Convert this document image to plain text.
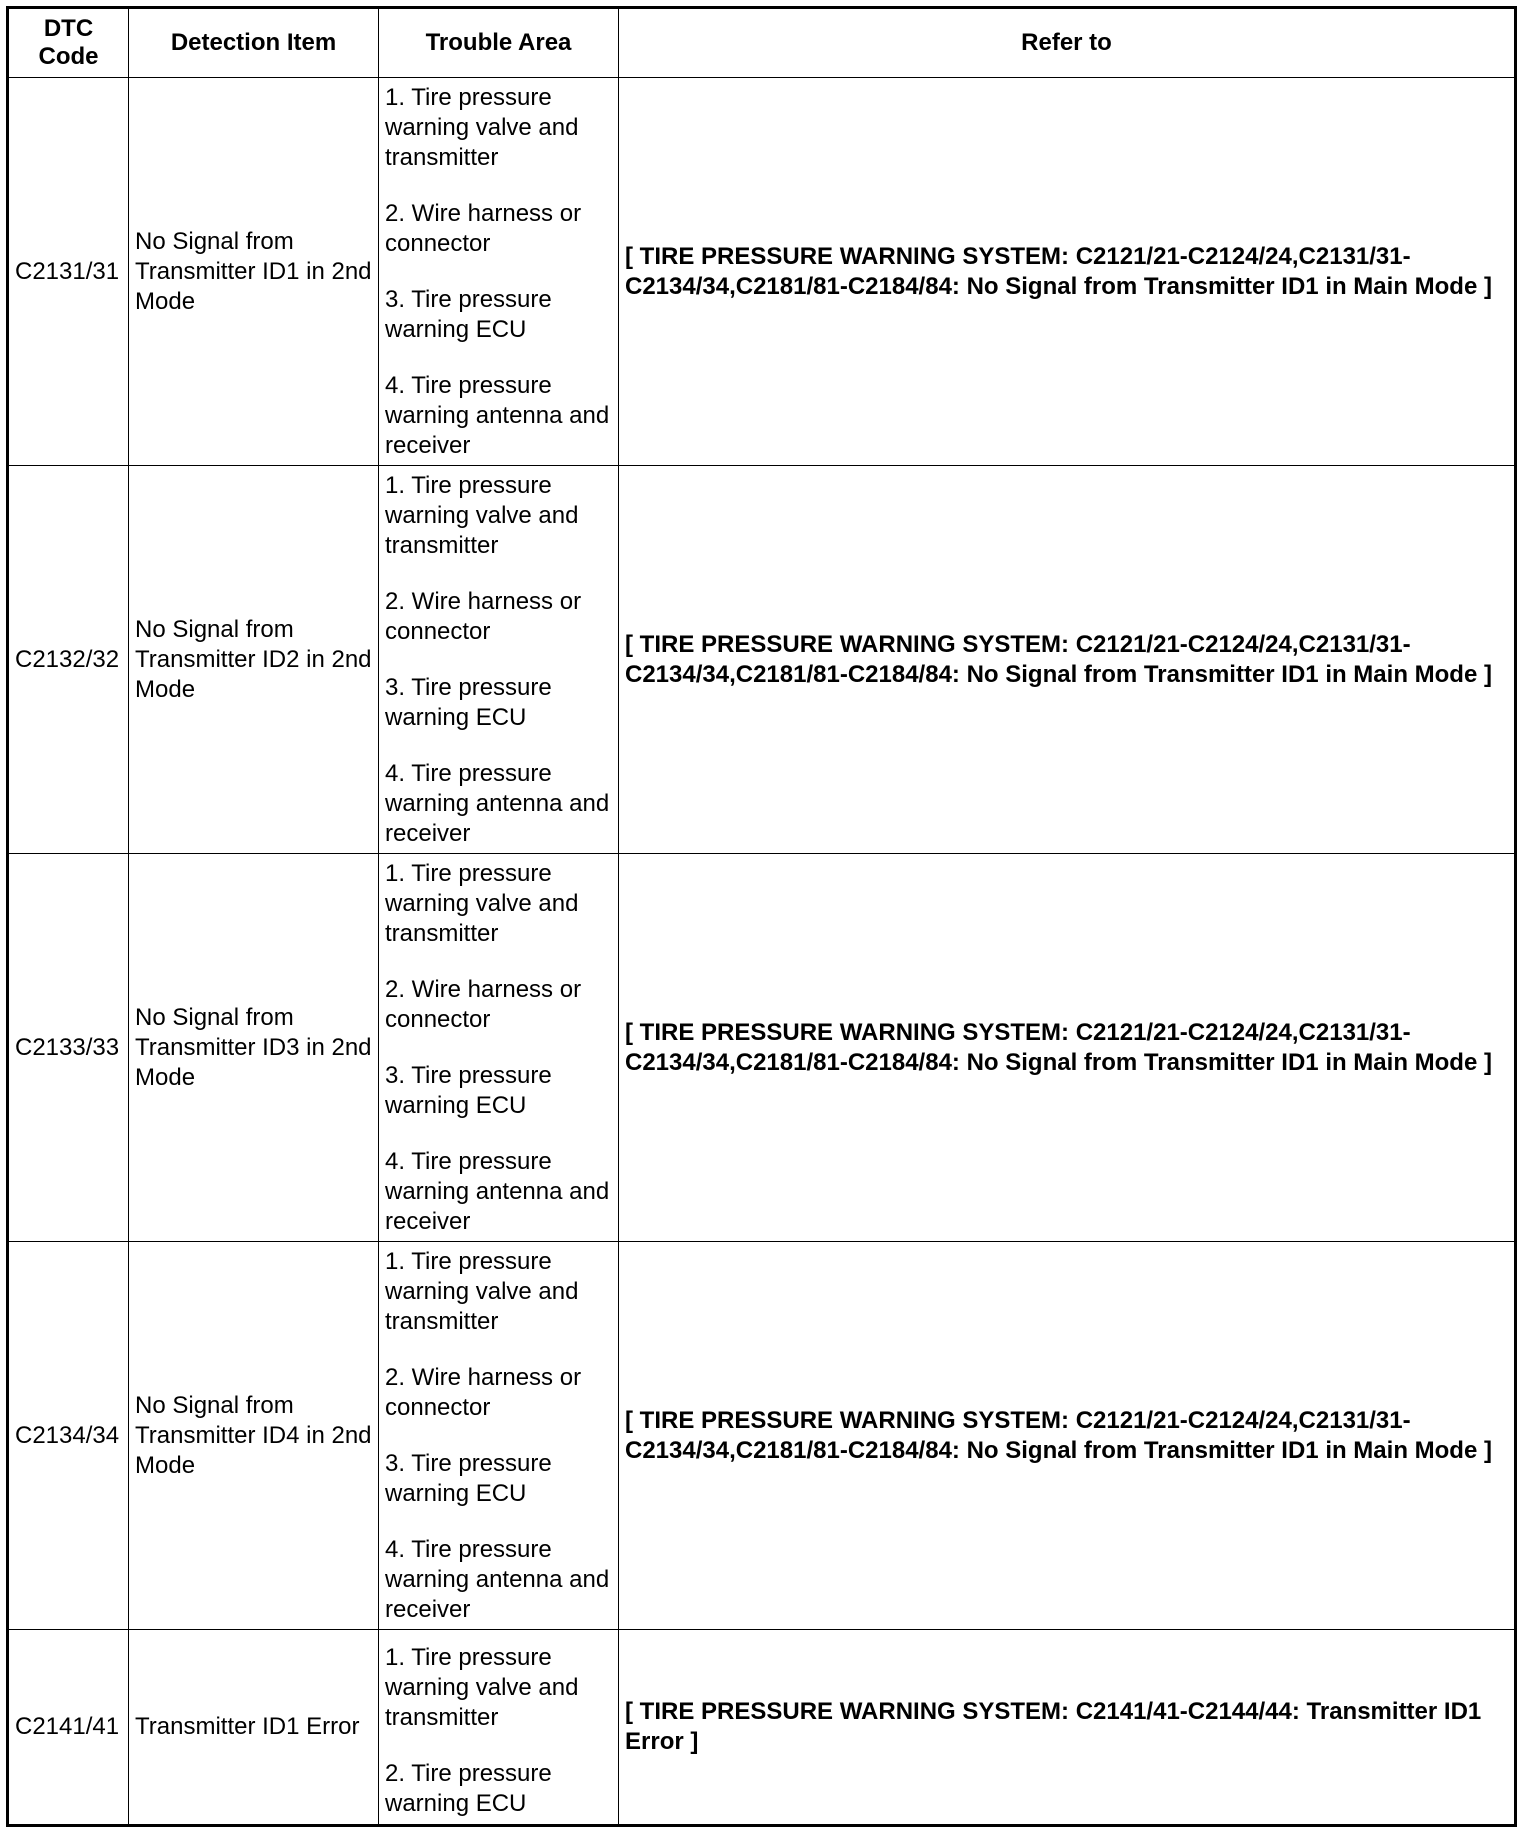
DTC Code	Detection Item	Trouble Area	Refer to
C2131/31	No Signal from Transmitter ID1 in 2nd Mode	1. Tire pressure warning valve and transmitter

2. Wire harness or connector

3. Tire pressure warning ECU

4. Tire pressure warning antenna and receiver	[ TIRE PRESSURE WARNING SYSTEM: C2121/21-C2124/24,C2131/31-C2134/34,C2181/81-C2184/84: No Signal from Transmitter ID1 in Main Mode ]
C2132/32	No Signal from Transmitter ID2 in 2nd Mode	1. Tire pressure warning valve and transmitter

2. Wire harness or connector

3. Tire pressure warning ECU

4. Tire pressure warning antenna and receiver	[ TIRE PRESSURE WARNING SYSTEM: C2121/21-C2124/24,C2131/31-C2134/34,C2181/81-C2184/84: No Signal from Transmitter ID1 in Main Mode ]
C2133/33	No Signal from Transmitter ID3 in 2nd Mode	1. Tire pressure warning valve and transmitter

2. Wire harness or connector

3. Tire pressure warning ECU

4. Tire pressure warning antenna and receiver	[ TIRE PRESSURE WARNING SYSTEM: C2121/21-C2124/24,C2131/31-C2134/34,C2181/81-C2184/84: No Signal from Transmitter ID1 in Main Mode ]
C2134/34	No Signal from Transmitter ID4 in 2nd Mode	1. Tire pressure warning valve and transmitter

2. Wire harness or connector

3. Tire pressure warning ECU

4. Tire pressure warning antenna and receiver	[ TIRE PRESSURE WARNING SYSTEM: C2121/21-C2124/24,C2131/31-C2134/34,C2181/81-C2184/84: No Signal from Transmitter ID1 in Main Mode ]
C2141/41	Transmitter ID1 Error	1. Tire pressure warning valve and transmitter

2. Tire pressure warning ECU	[ TIRE PRESSURE WARNING SYSTEM: C2141/41-C2144/44: Transmitter ID1 Error ]
